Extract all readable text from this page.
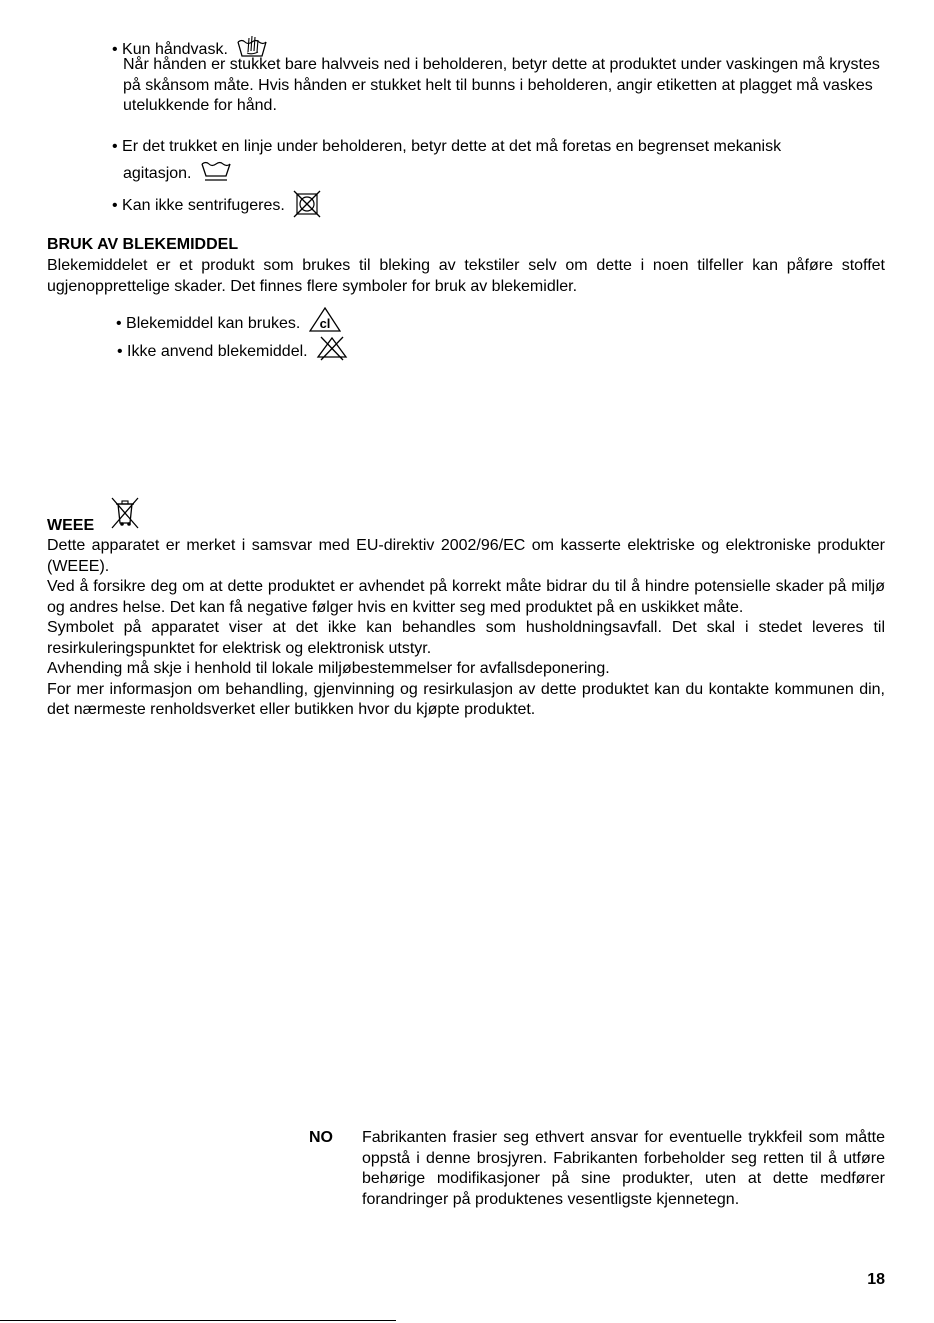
• Kun håndvask.
Når hånden er stukket bare halvveis ned i beholderen, betyr dette at produktet under vaskingen må krystes på skånsom måte. Hvis hånden er stukket helt til bunns i beholderen, angir etiketten at plagget må vaskes utelukkende for hånd.
• Er det trukket en linje under beholderen, betyr dette at det må foretas en begrenset mekanisk
agitasjon.
• Kan ikke sentrifugeres.
BRUK AV BLEKEMIDDEL
Blekemiddelet er et produkt som brukes til bleking av tekstiler selv om dette i noen tilfeller kan påføre stoffet ugjenopprettelige skader. Det finnes flere symboler for bruk av blekemidler.
• Blekemiddel kan brukes. cl
• Ikke anvend blekemiddel.
WEEE
Dette apparatet er merket i samsvar med EU-direktiv 2002/96/EC om kasserte elektriske og elektroniske produkter (WEEE).
Ved å forsikre deg om at dette produktet er avhendet på korrekt måte bidrar du til å hindre potensielle skader på miljø og andres helse. Det kan få negative følger hvis en kvitter seg med produktet på en uskikket måte.
Symbolet på apparatet viser at det ikke kan behandles som husholdningsavfall. Det skal i stedet leveres til resirkuleringspunktet for elektrisk og elektronisk utstyr.
Avhending må skje i henhold til lokale miljøbestemmelser for avfallsdeponering.
For mer informasjon om behandling, gjenvinning og resirkulasjon av dette produktet kan du kontakte kommunen din, det nærmeste renholdsverket eller butikken hvor du kjøpte produktet.
NO Fabrikanten frasier seg ethvert ansvar for eventuelle trykkfeil som måtte oppstå i denne brosjyren. Fabrikanten forbeholder seg retten til å utføre behørige modifikasjoner på sine produkter, uten at dette medfører forandringer på produktenes vesentligste kjennetegn.
18
